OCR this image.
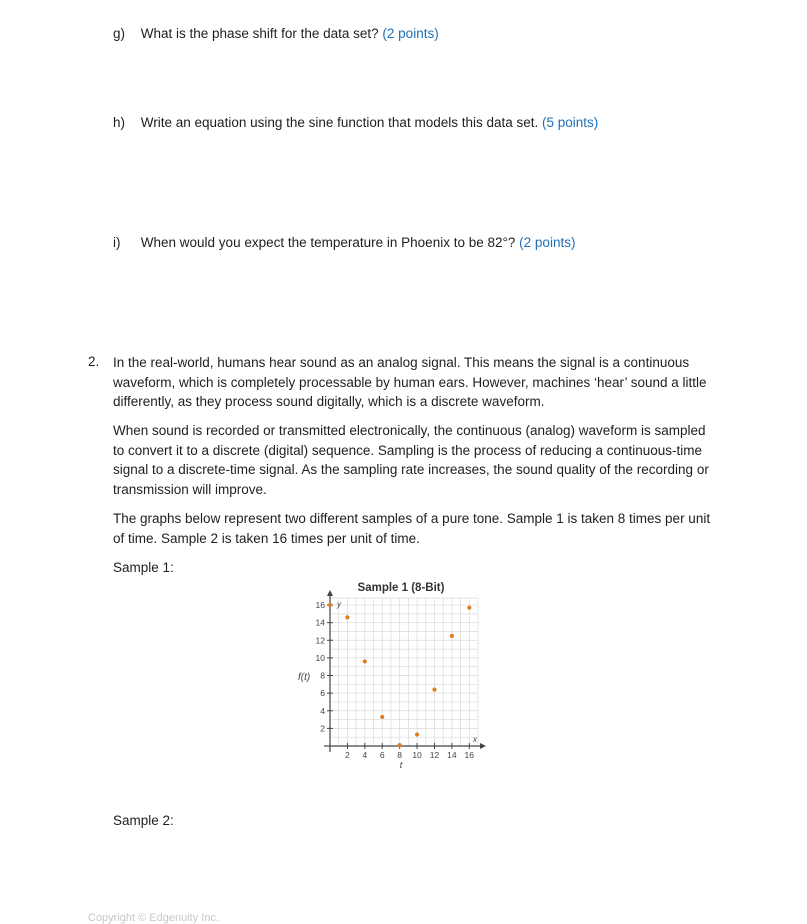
g) What is the phase shift for the data set? (2 points)
h) Write an equation using the sine function that models this data set. (5 points)
i) When would you expect the temperature in Phoenix to be 82°? (2 points)
2. In the real-world, humans hear sound as an analog signal. This means the signal is a continuous waveform, which is completely processable by human ears. However, machines ‘hear’ sound a little differently, as they process sound digitally, which is a discrete waveform.
When sound is recorded or transmitted electronically, the continuous (analog) waveform is sampled to convert it to a discrete (digital) sequence. Sampling is the process of reducing a continuous-time signal to a discrete-time signal. As the sampling rate increases, the sound quality of the recording or transmission will improve.
The graphs below represent two different samples of a pure tone. Sample 1 is taken 8 times per unit of time. Sample 2 is taken 16 times per unit of time.
Sample 1:
Sample 1 (8-Bit)
2 4 6 8 10 12 14 16
2
4
6
8
10
12
14
16
f(t)
t
x
y
Sample 2:
Copyright © Edgenuity Inc.
